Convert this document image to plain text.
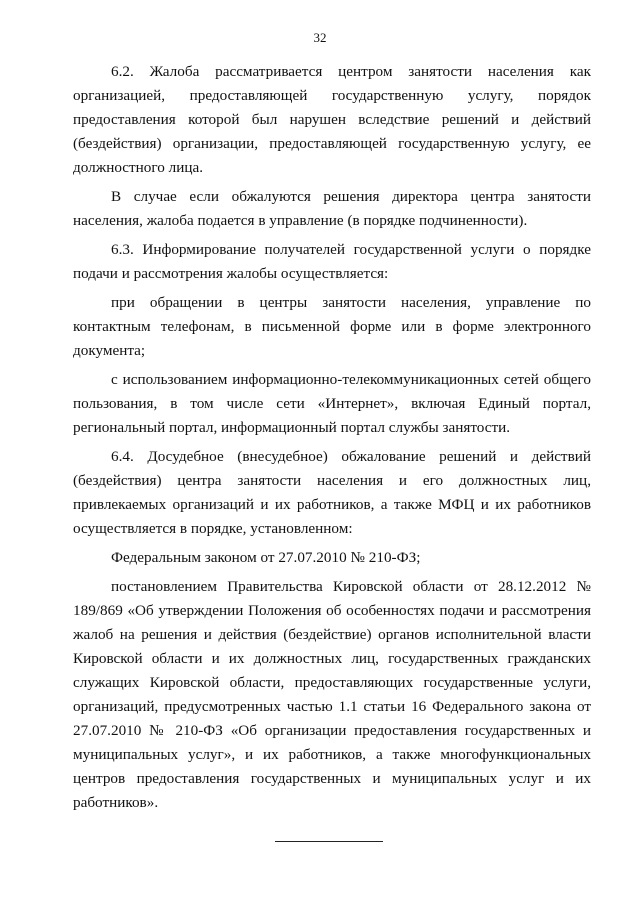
32

6.2. Жалоба рассматривается центром занятости населения как организацией, предоставляющей государственную услугу, порядок предоставления которой был нарушен вследствие решений и действий (бездействия) организации, предоставляющей государственную услугу, ее должностного лица.

В случае если обжалуются решения директора центра занятости населения, жалоба подается в управление (в порядке подчиненности).

6.3. Информирование получателей государственной услуги о порядке подачи и рассмотрения жалобы осуществляется:

при обращении в центры занятости населения, управление по контактным телефонам, в письменной форме или в форме электронного документа;

с использованием информационно-телекоммуникационных сетей общего пользования, в том числе сети «Интернет», включая Единый портал, региональный портал, информационный портал службы занятости.

6.4. Досудебное (внесудебное) обжалование решений и действий (бездействия) центра занятости населения и его должностных лиц, привлекаемых организаций и их работников, а также МФЦ и их работников осуществляется в порядке, установленном:

Федеральным законом от 27.07.2010 № 210-ФЗ;

постановлением Правительства Кировской области от 28.12.2012 № 189/869 «Об утверждении Положения об особенностях подачи и рассмотрения жалоб на решения и действия (бездействие) органов исполнительной власти Кировской области и их должностных лиц, государственных гражданских служащих Кировской области, предоставляющих государственные услуги, организаций, предусмотренных частью 1.1 статьи 16 Федерального закона от 27.07.2010 № 210-ФЗ «Об организации предоставления государственных и муниципальных услуг», и их работников, а также многофункциональных центров предоставления государственных и муниципальных услуг и их работников».
